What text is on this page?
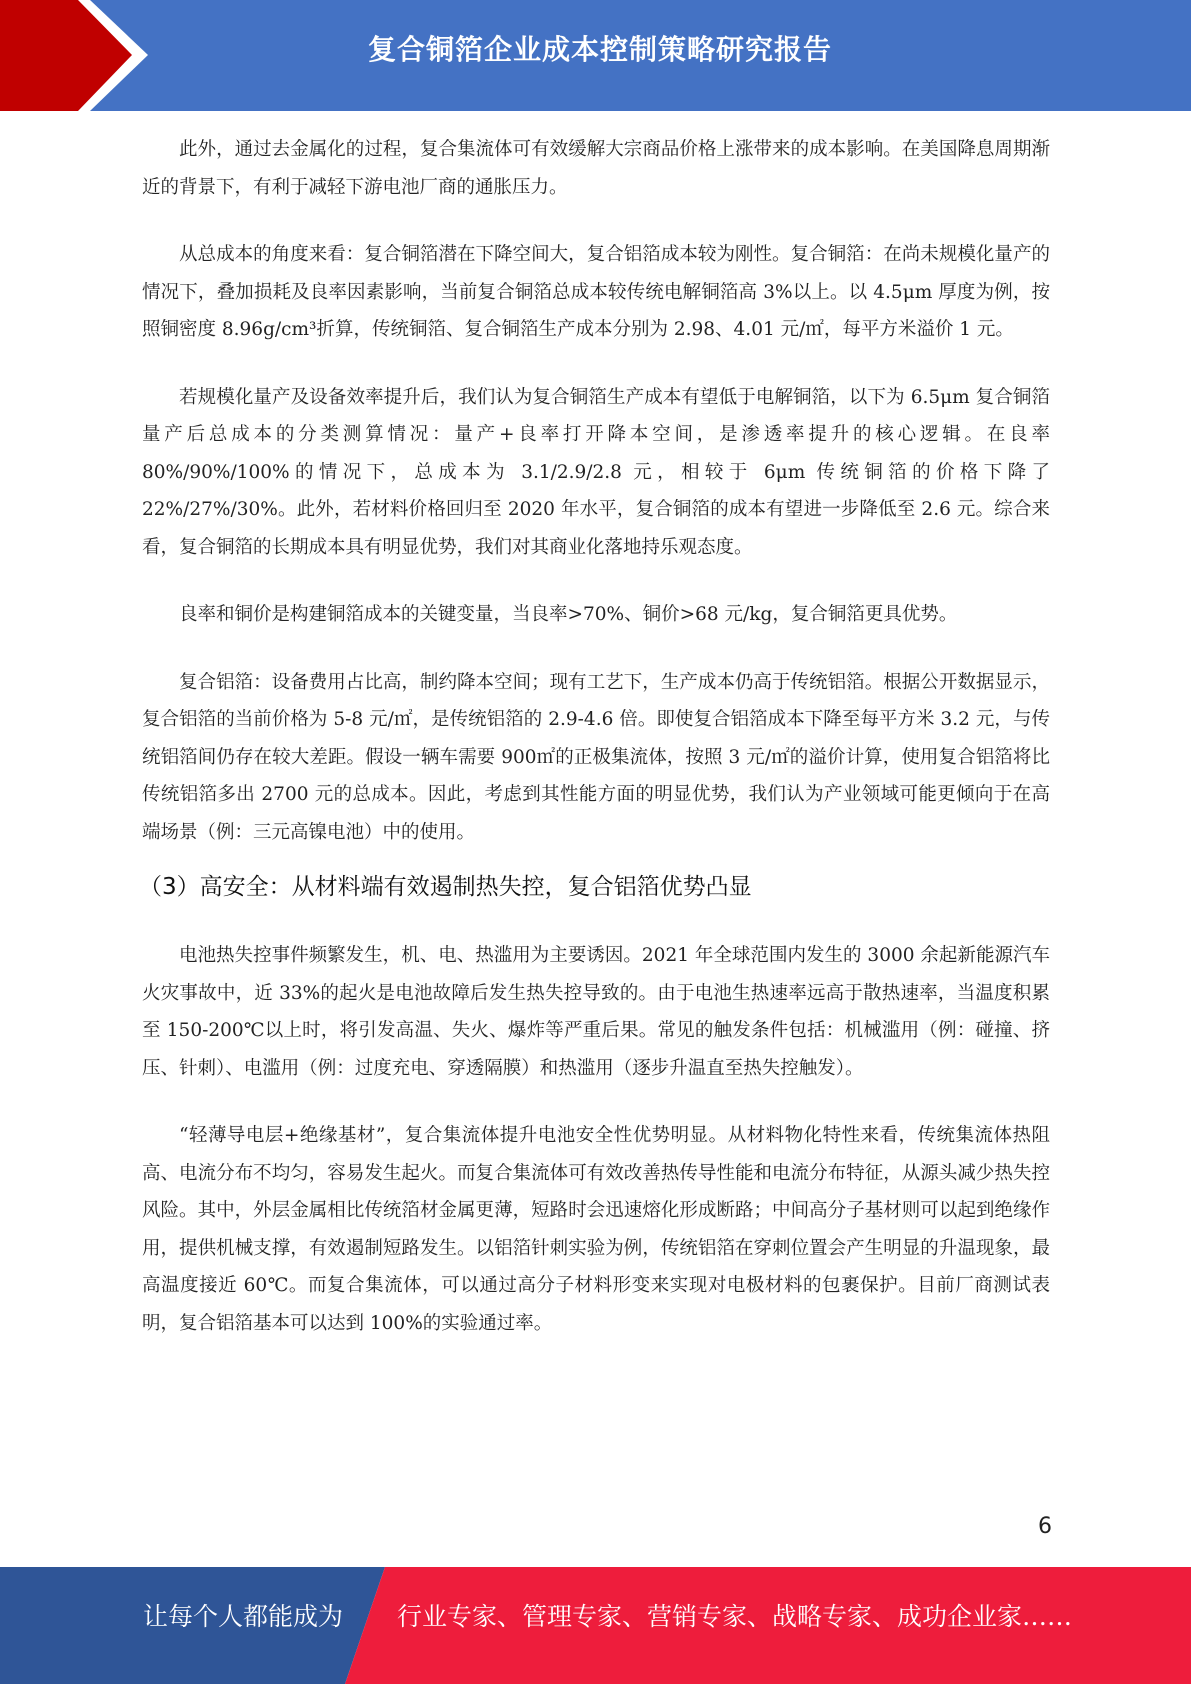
复合铜箔企业成本控制策略研究报告

此外，通过去金属化的过程，复合集流体可有效缓解大宗商品价格上涨带来的成本影响。在美国降息周期渐近的背景下，有利于减轻下游电池厂商的通胀压力。

从总成本的角度来看：复合铜箔潜在下降空间大，复合铝箔成本较为刚性。复合铜箔：在尚未规模化量产的情况下，叠加损耗及良率因素影响，当前复合铜箔总成本较传统电解铜箔高 3%以上。以 4.5μm 厚度为例，按照铜密度 8.96g/cm³折算，传统铜箔、复合铜箔生产成本分别为 2.98、4.01 元/㎡，每平方米溢价 1 元。

若规模化量产及设备效率提升后，我们认为复合铜箔生产成本有望低于电解铜箔，以下为 6.5μm 复合铜箔量产后总成本的分类测算情况：量产+良率打开降本空间，是渗透率提升的核心逻辑。在良率 80%/90%/100%的情况下，总成本为 3.1/2.9/2.8 元，相较于 6μm 传统铜箔的价格下降了 22%/27%/30%。此外，若材料价格回归至 2020 年水平，复合铜箔的成本有望进一步降低至 2.6 元。综合来看，复合铜箔的长期成本具有明显优势，我们对其商业化落地持乐观态度。

良率和铜价是构建铜箔成本的关键变量，当良率>70%、铜价>68 元/kg，复合铜箔更具优势。

复合铝箔：设备费用占比高，制约降本空间；现有工艺下，生产成本仍高于传统铝箔。根据公开数据显示，复合铝箔的当前价格为 5-8 元/㎡，是传统铝箔的 2.9-4.6 倍。即使复合铝箔成本下降至每平方米 3.2 元，与传统铝箔间仍存在较大差距。假设一辆车需要 900㎡的正极集流体，按照 3 元/㎡的溢价计算，使用复合铝箔将比传统铝箔多出 2700 元的总成本。因此，考虑到其性能方面的明显优势，我们认为产业领域可能更倾向于在高端场景（例：三元高镍电池）中的使用。

（3）高安全：从材料端有效遏制热失控，复合铝箔优势凸显

电池热失控事件频繁发生，机、电、热滥用为主要诱因。2021 年全球范围内发生的 3000 余起新能源汽车火灾事故中，近 33%的起火是电池故障后发生热失控导致的。由于电池生热速率远高于散热速率，当温度积累至 150-200℃以上时，将引发高温、失火、爆炸等严重后果。常见的触发条件包括：机械滥用（例：碰撞、挤压、针刺）、电滥用（例：过度充电、穿透隔膜）和热滥用（逐步升温直至热失控触发）。

“轻薄导电层+绝缘基材”，复合集流体提升电池安全性优势明显。从材料物化特性来看，传统集流体热阻高、电流分布不均匀，容易发生起火。而复合集流体可有效改善热传导性能和电流分布特征，从源头减少热失控风险。其中，外层金属相比传统箔材金属更薄，短路时会迅速熔化形成断路；中间高分子基材则可以起到绝缘作用，提供机械支撑，有效遏制短路发生。以铝箔针刺实验为例，传统铝箔在穿刺位置会产生明显的升温现象，最高温度接近 60℃。而复合集流体，可以通过高分子材料形变来实现对电极材料的包裹保护。目前厂商测试表明，复合铝箔基本可以达到 100%的实验通过率。

6
让每个人都能成为 行业专家、管理专家、营销专家、战略专家、成功企业家……
